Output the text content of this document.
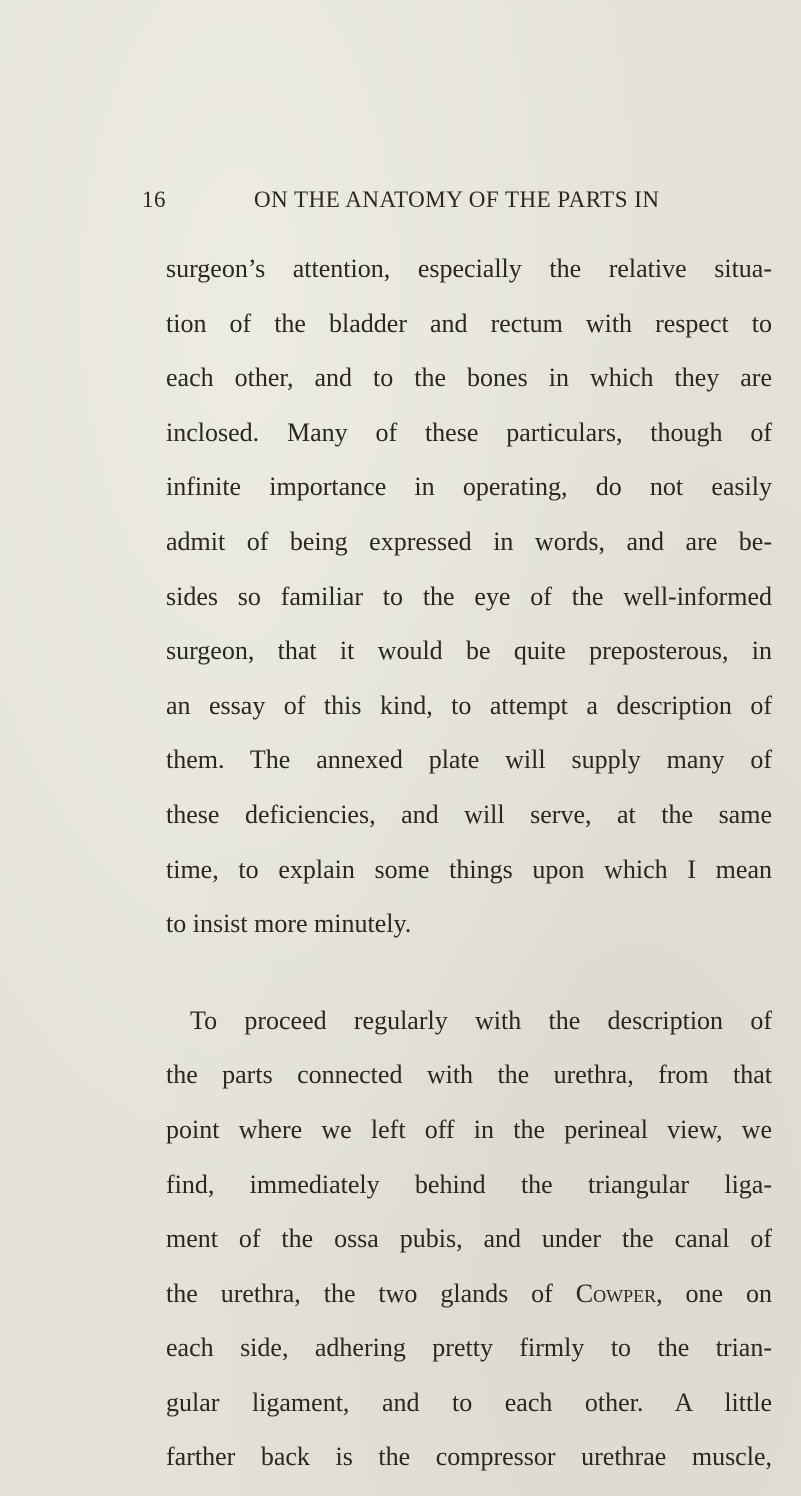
16	ON THE ANATOMY OF THE PARTS IN
surgeon’s attention, especially the relative situa-
tion of the bladder and rectum with respect to
each other, and to the bones in which they are
inclosed. Many of these particulars, though of
infinite importance in operating, do not easily
admit of being expressed in words, and are be-
sides so familiar to the eye of the well-informed
surgeon, that it would be quite preposterous, in
an essay of this kind, to attempt a description of
them. The annexed plate will supply many of
these deficiencies, and will serve, at the same
time, to explain some things upon which I mean
to insist more minutely.
To proceed regularly with the description of
the parts connected with the urethra, from that
point where we left off in the perineal view, we
find, immediately behind the triangular liga-
ment of the ossa pubis, and under the canal of
the urethra, the two glands of Cowper, one on
each side, adhering pretty firmly to the trian-
gular ligament, and to each other. A little
farther back is the compressor urethrae muscle,
